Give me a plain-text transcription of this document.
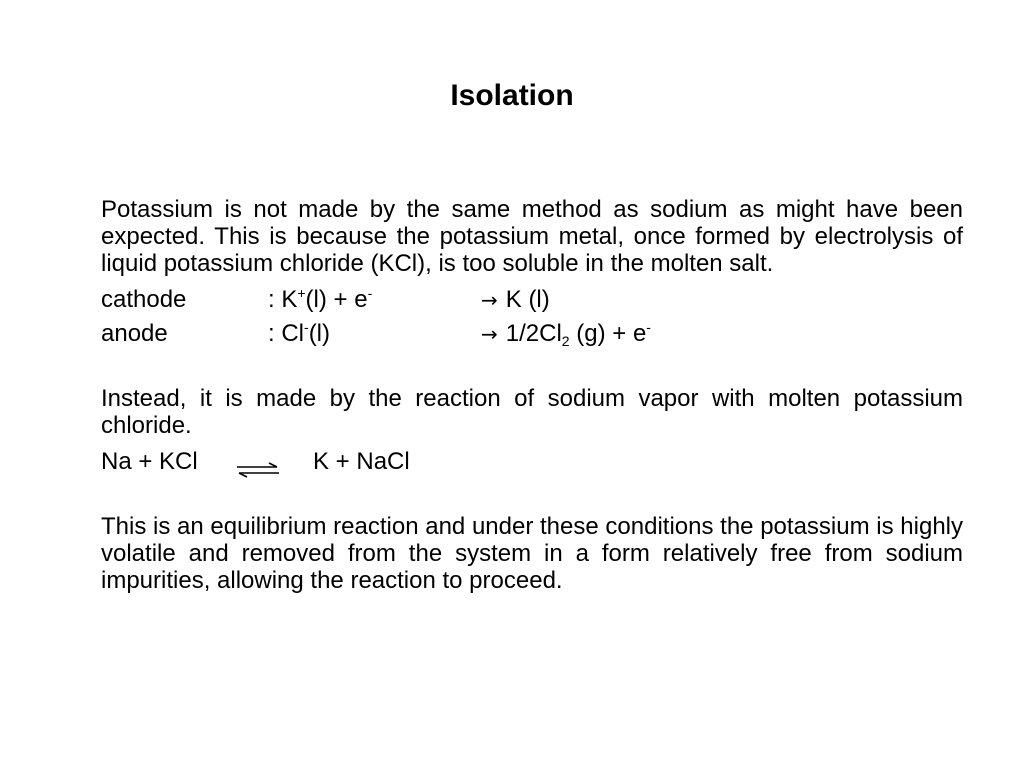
Isolation

Potassium is not made by the same method as sodium as might have been expected. This is because the potassium metal, once formed by electrolysis of liquid potassium chloride (KCl), is too soluble in the molten salt.

cathode	: K+(l) + e-	→ K (l)
anode	: Cl-(l)	→ $1/2Cl_2$ (g) + e-

Instead, it is made by the reaction of sodium vapor with molten potassium chloride.

Na + KCl ⇌ K + NaCl

This is an equilibrium reaction and under these conditions the potassium is highly volatile and removed from the system in a form relatively free from sodium impurities, allowing the reaction to proceed.
